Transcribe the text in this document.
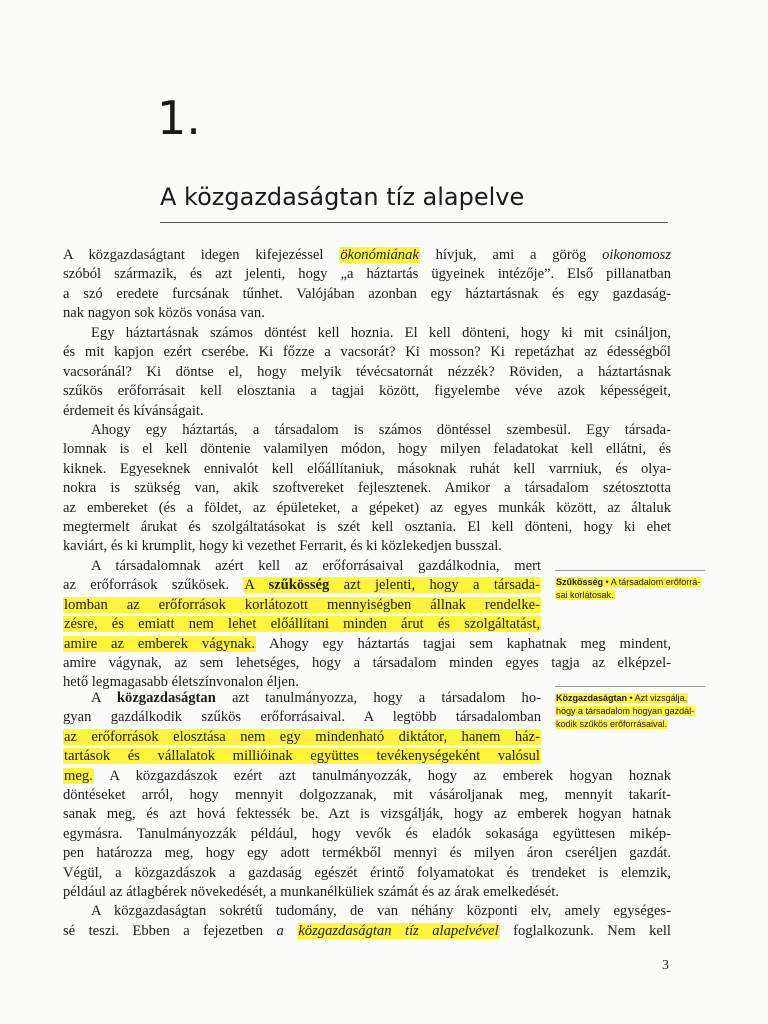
1.
A közgazdaságtan tíz alapelve
A közgazdaságtant idegen kifejezéssel ökonómiának hívjuk, ami a görög oikonomosz
szóból származik, és azt jelenti, hogy „a háztartás ügyeinek intézője”. Első pillanatban
a szó eredete furcsának tűnhet. Valójában azonban egy háztartásnak és egy gazdaság-
nak nagyon sok közös vonása van.
Egy háztartásnak számos döntést kell hoznia. El kell dönteni, hogy ki mit csináljon,
és mit kapjon ezért cserébe. Ki főzze a vacsorát? Ki mosson? Ki repetázhat az édességből
vacsoránál? Ki döntse el, hogy melyik tévécsatornát nézzék? Röviden, a háztartásnak
szűkös erőforrásait kell elosztania a tagjai között, figyelembe véve azok képességeit,
érdemeit és kívánságait.
Ahogy egy háztartás, a társadalom is számos döntéssel szembesül. Egy társada-
lomnak is el kell döntenie valamilyen módon, hogy milyen feladatokat kell ellátni, és
kiknek. Egyeseknek ennivalót kell előállítaniuk, másoknak ruhát kell varrniuk, és olya-
nokra is szükség van, akik szoftvereket fejlesztenek. Amikor a társadalom szétosztotta
az embereket (és a földet, az épületeket, a gépeket) az egyes munkák között, az általuk
megtermelt árukat és szolgáltatásokat is szét kell osztania. El kell dönteni, hogy ki ehet
kaviárt, és ki krumplit, hogy ki vezethet Ferrarit, és ki közlekedjen busszal.
A társadalomnak azért kell az erőforrásaival gazdálkodnia, mert
az erőforrások szűkösek. A szűkösség azt jelenti, hogy a társada-
lomban az erőforrások korlátozott mennyiségben állnak rendelke-
zésre, és emiatt nem lehet előállítani minden árut és szolgáltatást,
amire az emberek vágynak. Ahogy egy háztartás tagjai sem kaphatnak meg mindent,
amire vágynak, az sem lehetséges, hogy a társadalom minden egyes tagja az elképzel-
hető legmagasabb életszínvonalon éljen.
A közgazdaságtan azt tanulmányozza, hogy a társadalom ho-
gyan gazdálkodik szűkös erőforrásaival. A legtöbb társadalomban
az erőforrások elosztása nem egy mindenható diktátor, hanem ház-
tartások és vállalatok millióinak együttes tevékenységeként valósul
meg. A közgazdászok ezért azt tanulmányozzák, hogy az emberek hogyan hoznak
döntéseket arról, hogy mennyit dolgozzanak, mit vásároljanak meg, mennyit takarít-
sanak meg, és azt hová fektessék be. Azt is vizsgálják, hogy az emberek hogyan hatnak
egymásra. Tanulmányozzák például, hogy vevők és eladók sokasága együttesen mikép-
pen határozza meg, hogy egy adott termékből mennyi és milyen áron cseréljen gazdát.
Végül, a közgazdászok a gazdaság egészét érintő folyamatokat és trendeket is elemzik,
például az átlagbérek növekedését, a munkanélküliek számát és az árak emelkedését.
A közgazdaságtan sokrétű tudomány, de van néhány központi elv, amely egységes-
sé teszi. Ebben a fejezetben a közgazdaságtan tíz alapelvével foglalkozunk. Nem kell
Szűkösség • A társadalom erőforrá-
sai korlátosak.
Közgazdaságtan • Azt vizsgálja,
hogy a társadalom hogyan gazdál-
kodik szűkös erőforrásaival.
3
